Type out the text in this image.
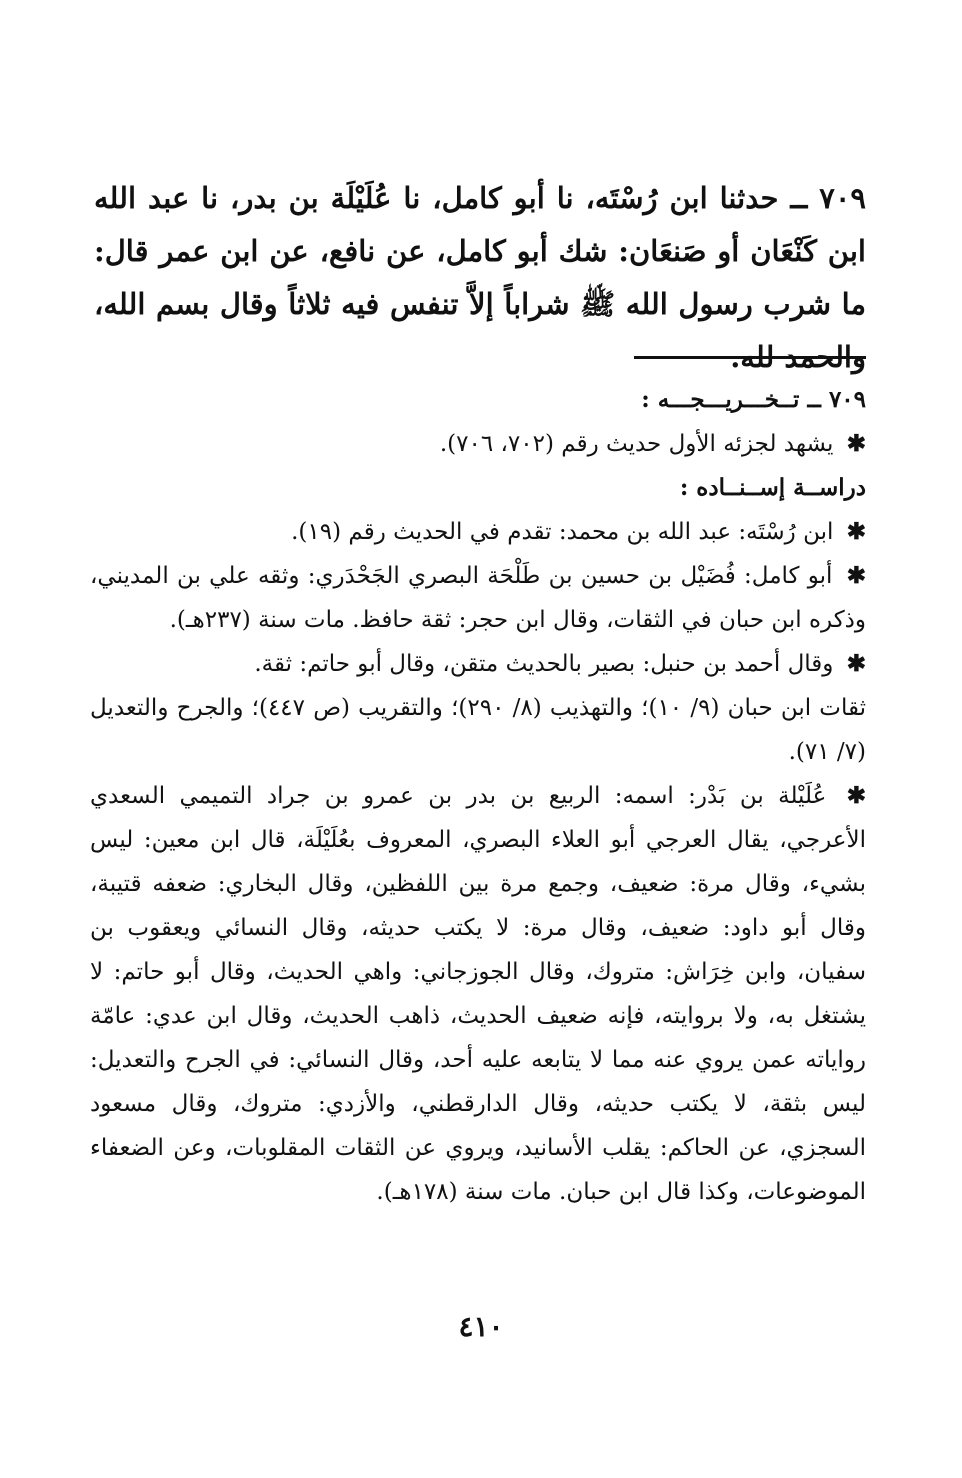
٧٠٩ ــ حدثنا ابن رُسْتَه، نا أبو كامل، نا عُلَيْلَة بن بدر، نا عبد الله ابن كَنْعَان أو صَنعَان: شك أبو كامل، عن نافع، عن ابن عمر قال: ما شرب رسول الله ﷺ شراباً إلاَّ تنفس فيه ثلاثاً وقال بسم الله، والحمد لله.

٧٠٩ ــ تــخـــريـــجـــه :

✱ يشهد لجزئه الأول حديث رقم (٧٠٢، ٧٠٦).

دراســة إســنــاده :

✱ ابن رُسْتَه: عبد الله بن محمد: تقدم في الحديث رقم (١٩).

✱ أبو كامل: فُضَيْل بن حسين بن طَلْحَة البصري الجَحْدَري: وثقه علي بن المديني، وذكره ابن حبان في الثقات، وقال ابن حجر: ثقة حافظ. مات سنة (٢٣٧هـ).

✱ وقال أحمد بن حنبل: بصير بالحديث متقن، وقال أبو حاتم: ثقة.

ثقات ابن حبان (٩/ ١٠)؛ والتهذيب (٨/ ٢٩٠)؛ والتقريب (ص ٤٤٧)؛ والجرح والتعديل (٧/ ٧١).

✱ عُلَيْلة بن بَدْر: اسمه: الربيع بن بدر بن عمرو بن جراد التميمي السعدي الأعرجي، يقال العرجي أبو العلاء البصري، المعروف بعُلَيْلَة، قال ابن معين: ليس بشيء، وقال مرة: ضعيف، وجمع مرة بين اللفظين، وقال البخاري: ضعفه قتيبة، وقال أبو داود: ضعيف، وقال مرة: لا يكتب حديثه، وقال النسائي ويعقوب بن سفيان، وابن خِرَاش: متروك، وقال الجوزجاني: واهي الحديث، وقال أبو حاتم: لا يشتغل به، ولا بروايته، فإنه ضعيف الحديث، ذاهب الحديث، وقال ابن عدي: عامّة رواياته عمن يروي عنه مما لا يتابعه عليه أحد، وقال النسائي: في الجرح والتعديل: ليس بثقة، لا يكتب حديثه، وقال الدارقطني، والأزدي: متروك، وقال مسعود السجزي، عن الحاكم: يقلب الأسانيد، ويروي عن الثقات المقلوبات، وعن الضعفاء الموضوعات، وكذا قال ابن حبان. مات سنة (١٧٨هـ).

٤١٠
